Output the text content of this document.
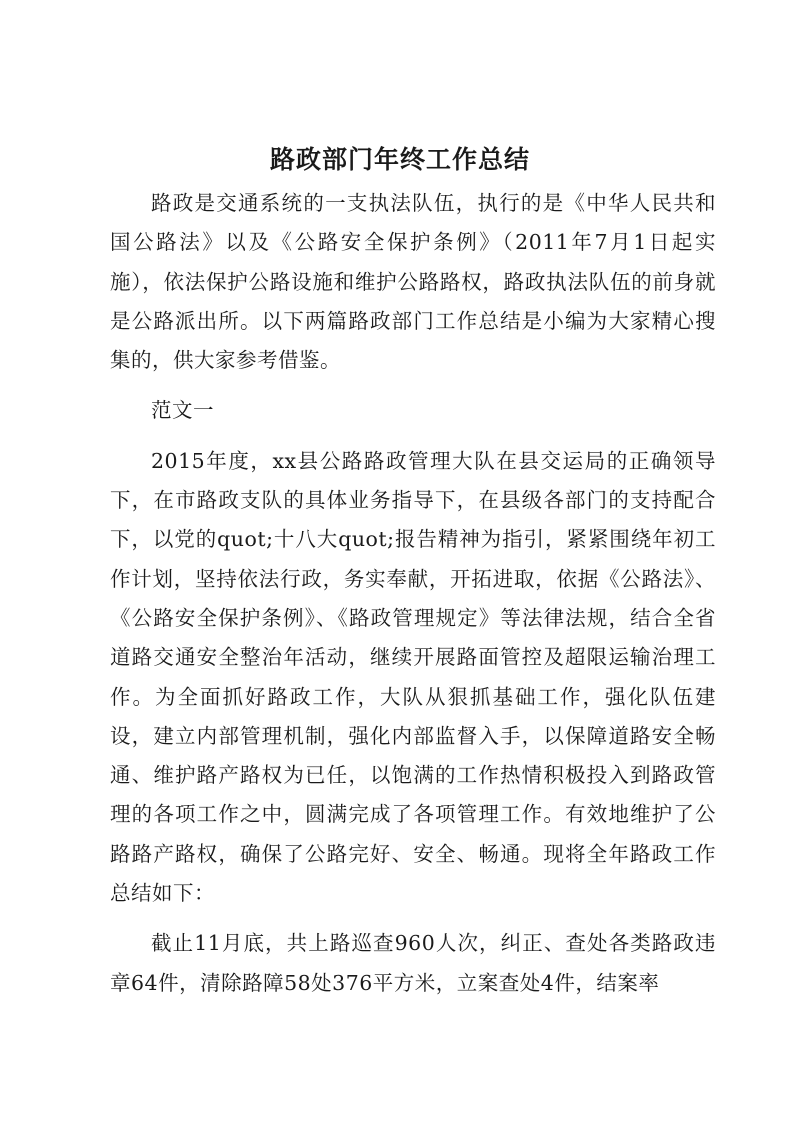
路政部门年终工作总结

路政是交通系统的一支执法队伍，执行的是《中华人民共和国公路法》以及《公路安全保护条例》（2011年7月1日起实施），依法保护公路设施和维护公路路权，路政执法队伍的前身就是公路派出所。以下两篇路政部门工作总结是小编为大家精心搜集的，供大家参考借鉴。

范文一

2015年度，xx县公路路政管理大队在县交运局的正确领导下，在市路政支队的具体业务指导下，在县级各部门的支持配合下，以党的quot;十八大quot;报告精神为指引，紧紧围绕年初工作计划，坚持依法行政，务实奉献，开拓进取，依据《公路法》、《公路安全保护条例》、《路政管理规定》等法律法规，结合全省道路交通安全整治年活动，继续开展路面管控及超限运输治理工作。为全面抓好路政工作，大队从狠抓基础工作，强化队伍建设，建立内部管理机制，强化内部监督入手，以保障道路安全畅通、维护路产路权为已任，以饱满的工作热情积极投入到路政管理的各项工作之中，圆满完成了各项管理工作。有效地维护了公路路产路权，确保了公路完好、安全、畅通。现将全年路政工作总结如下：

截止11月底，共上路巡查960人次，纠正、查处各类路政违章64件，清除路障58处376平方米，立案查处4件，结案率
